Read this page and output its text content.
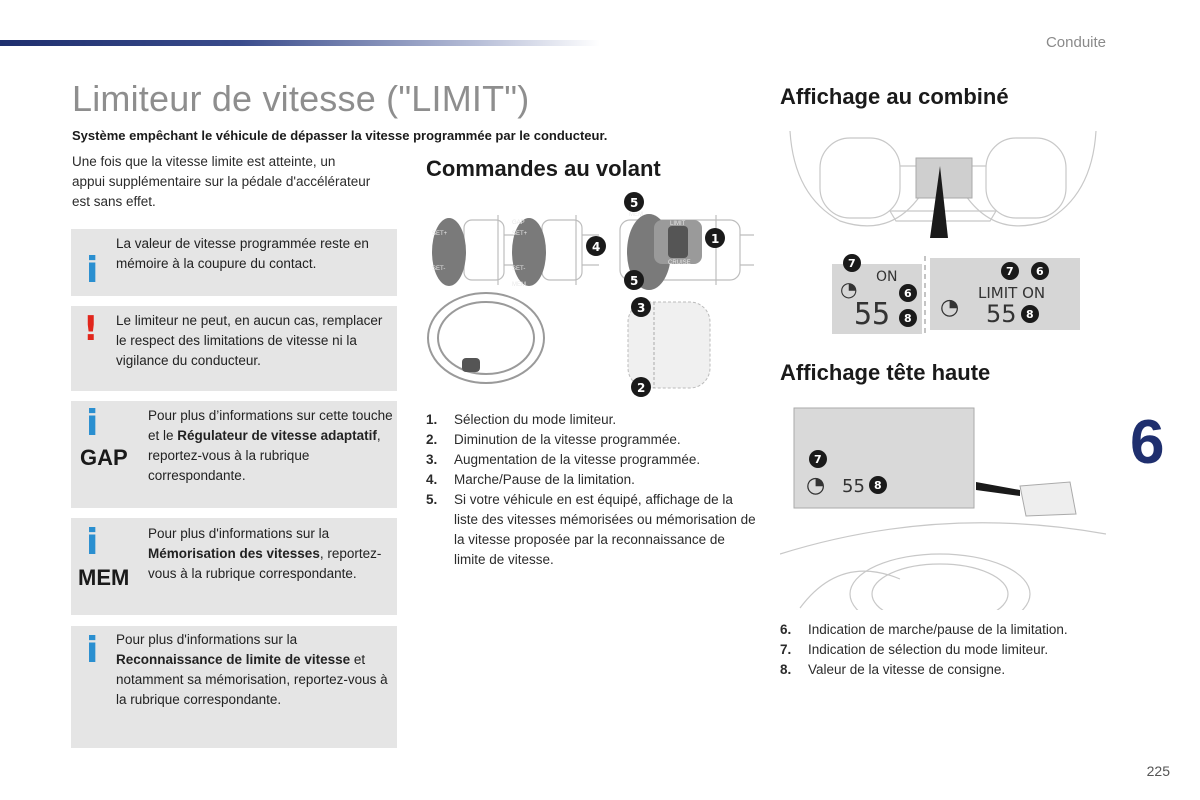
Conduite
6
225
Limiteur de vitesse ("LIMIT")
Système empêchant le véhicule de dépasser la vitesse programmée par le conducteur.
Une fois que la vitesse limite est atteinte, un appui supplémentaire sur la pédale d'accélérateur est sans effet.
i
La valeur de vitesse programmée reste en mémoire à la coupure du contact.
! Le limiteur ne peut, en aucun cas, remplacer le respect des limitations de vitesse ni la vigilance du conducteur.
i
GAP
Pour plus d’informations sur cette touche et le Régulateur de vitesse adaptatif, reportez-vous à la rubrique correspondante.
i
MEM
Pour plus d'informations sur la Mémorisation des vitesses, reportez-vous à la rubrique correspondante.
i Pour plus d'informations sur la Reconnaissance de limite de vitesse et notamment sa mémorisation, reportez-vous à la rubrique correspondante.
Commandes au volant
SET+
SET-
GAP
SET+
SET-
MEM
MEM
LIMIT
CRUISE
1
2
3
4
5
5
1. Sélection du mode limiteur.
2. Diminution de la vitesse programmée.
3. Augmentation de la vitesse programmée.
4. Marche/Pause de la limitation.
5. Si votre véhicule en est équipé, affichage de la liste des vitesses mémorisées ou mémorisation de la vitesse proposée par la reconnaissance de limite de vitesse.
Affichage au combiné
ON
55
LIMIT ON
55
◔
◔
7
6
8
7 6
8
Affichage tête haute
◔ 55
7
8
6. Indication de marche/pause de la limitation.
7. Indication de sélection du mode limiteur.
8. Valeur de la vitesse de consigne.
